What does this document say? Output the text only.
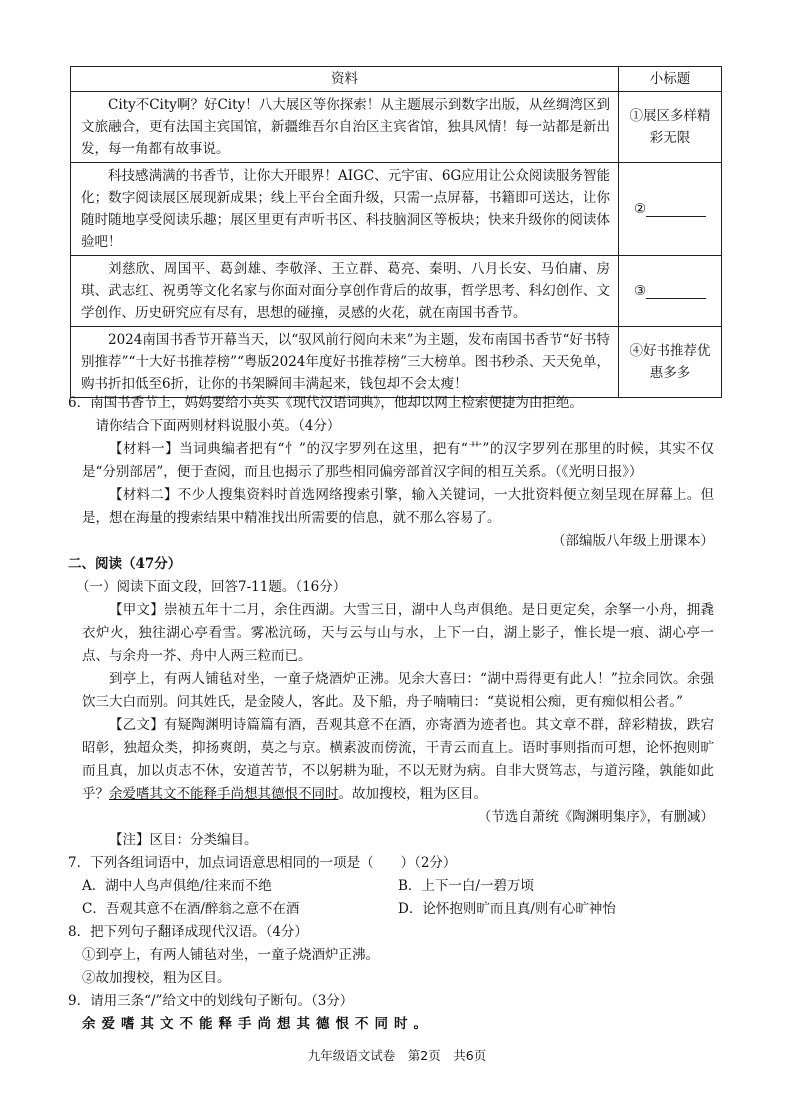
资料	小标题
City不City啊？好City！八大展区等你探索！从主题展示到数字出版，从丝绸湾区到文旅融合，更有法国主宾国馆，新疆维吾尔自治区主宾省馆，独具风情！每一站都是新出发，每一角都有故事说。	①展区多样精彩无限
科技感满满的书香节，让你大开眼界！AIGC、元宇宙、6G应用让公众阅读服务智能化；数字阅读展区展现新成果；线上平台全面升级，只需一点屏幕，书籍即可送达，让你随时随地享受阅读乐趣；展区里更有声听书区、科技脑洞区等板块；快来升级你的阅读体验吧！	②
刘慈欣、周国平、葛剑雄、李敬泽、王立群、葛亮、秦明、八月长安、马伯庸、房琪、武志红、祝勇等文化名家与你面对面分享创作背后的故事，哲学思考、科幻创作、文学创作、历史研究应有尽有，思想的碰撞，灵感的火花，就在南国书香节。	③
2024南国书香节开幕当天，以“驭风前行阅向未来”为主题，发布南国书香节“好书特别推荐”“十大好书推荐榜”“粤版2024年度好书推荐榜”三大榜单。图书秒杀、天天免单，购书折扣低至6折，让你的书架瞬间丰满起来，钱包却不会太瘦！	④好书推荐优惠多多

6．南国书香节上，妈妈要给小英买《现代汉语词典》，他却以网上检索便捷为由拒绝。

请你结合下面两则材料说服小英。（4分）

【材料一】当词典编者把有“忄”的汉字罗列在这里，把有“艹”的汉字罗列在那里的时候，其实不仅是“分别部居”，便于查阅，而且也揭示了那些相同偏旁部首汉字间的相互关系。（《光明日报》）

【材料二】不少人搜集资料时首选网络搜索引擎，输入关键词，一大批资料便立刻呈现在屏幕上。但是，想在海量的搜索结果中精准找出所需要的信息，就不那么容易了。

（部编版八年级上册课本）

二、阅读（47分）

（一）阅读下面文段，回答7-11题。（16分）

【甲文】崇祯五年十二月，余住西湖。大雪三日，湖中人鸟声俱绝。是日更定矣，余拏一小舟，拥毳衣炉火，独往湖心亭看雪。雾凇沆砀，天与云与山与水，上下一白，湖上影子，惟长堤一痕、湖心亭一点、与余舟一芥、舟中人两三粒而已。

到亭上，有两人铺毡对坐，一童子烧酒炉正沸。见余大喜曰：“湖中焉得更有此人！”拉余同饮。余强饮三大白而别。问其姓氏，是金陵人，客此。及下船，舟子喃喃曰：“莫说相公痴，更有痴似相公者。”

【乙文】有疑陶渊明诗篇篇有酒，吾观其意不在酒，亦寄酒为迹者也。其文章不群，辞彩精拔，跌宕昭彰，独超众类，抑扬爽朗，莫之与京。横素波而傍流，干青云而直上。语时事则指而可想，论怀抱则旷而且真，加以贞志不休，安道苦节，不以躬耕为耻，不以无财为病。自非大贤笃志，与道污隆，孰能如此乎？余爱嗜其文不能释手尚想其德恨不同时。故加搜校，粗为区目。

（节选自萧统《陶渊明集序》，有删减）

【注】区目：分类编目。

7．下列各组词语中，加点词语意思相同的一项是（　　）（2分）

A．湖中人鸟声俱绝/往来而不绝	B．上下一白/一碧万顷
C．吾观其意不在酒/醉翁之意不在酒	D．论怀抱则旷而且真/则有心旷神怡

8．把下列句子翻译成现代汉语。（4分）

①到亭上，有两人铺毡对坐，一童子烧酒炉正沸。

②故加搜校，粗为区目。

9．请用三条“/”给文中的划线句子断句。（3分）

余爱嗜其文不能释手尚想其德恨不同时。

九年级语文试卷　第2页　共6页
